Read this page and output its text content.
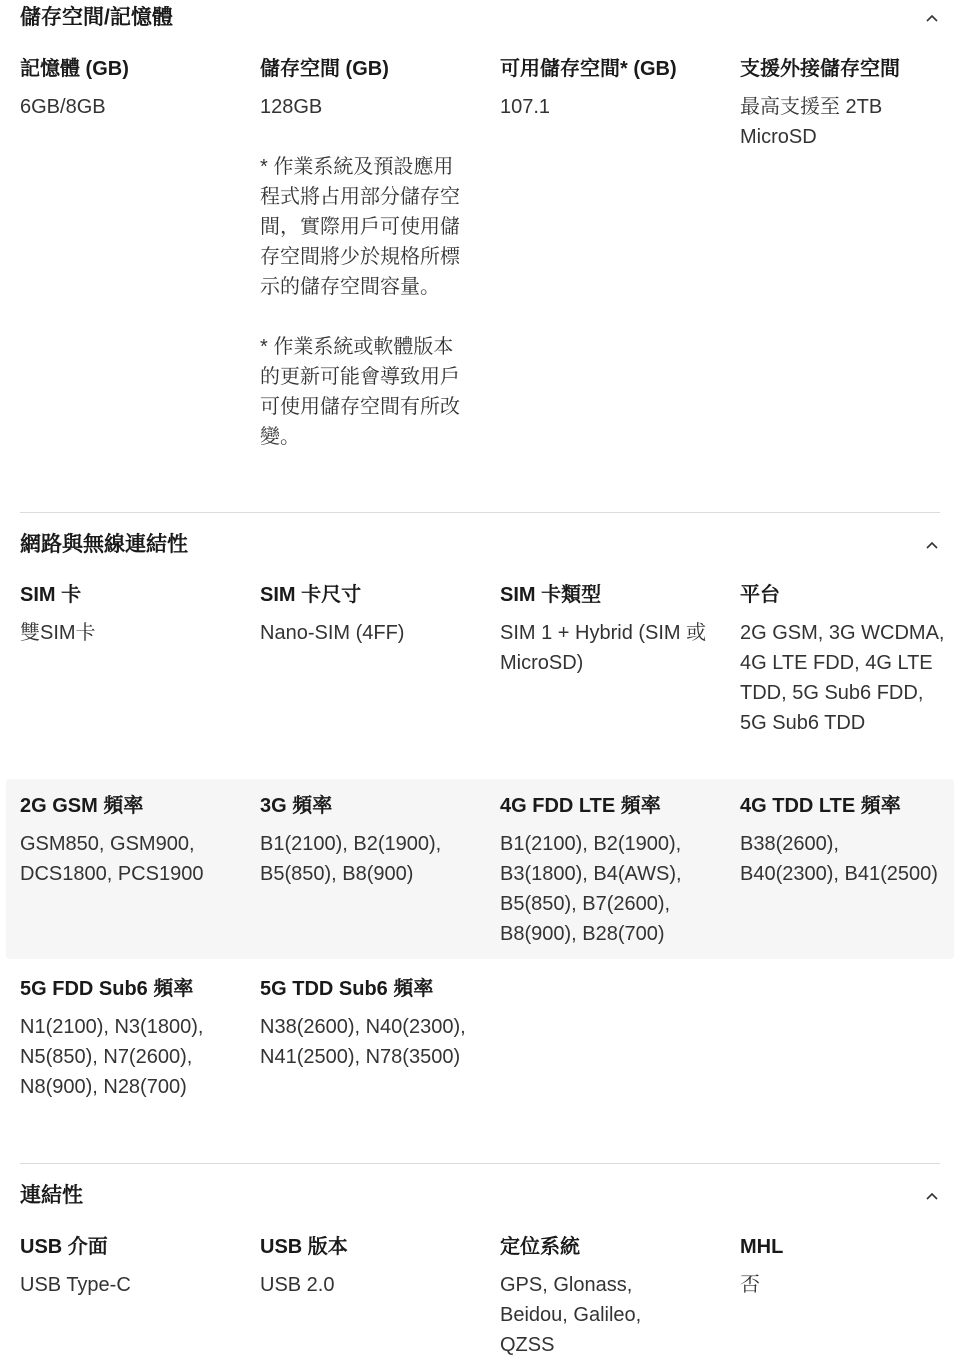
儲存空間/記憶體
記憶體 (GB)
6GB/8GB
儲存空間 (GB)
128GB
* 作業系統及預設應用程式將占用部分儲存空間，實際用戶可使用儲存空間將少於規格所標示的儲存空間容量。
* 作業系統或軟體版本的更新可能會導致用戶可使用儲存空間有所改變。
可用儲存空間* (GB)
107.1
支援外接儲存空間
最高支援至 2TB MicroSD
網路與無線連結性
SIM 卡
雙SIM卡
SIM 卡尺寸
Nano-SIM (4FF)
SIM 卡類型
SIM 1 + Hybrid (SIM 或 MicroSD)
平台
2G GSM, 3G WCDMA, 4G LTE FDD, 4G LTE TDD, 5G Sub6 FDD, 5G Sub6 TDD
2G GSM 頻率
GSM850, GSM900, DCS1800, PCS1900
3G 頻率
B1(2100), B2(1900), B5(850), B8(900)
4G FDD LTE 頻率
B1(2100), B2(1900), B3(1800), B4(AWS), B5(850), B7(2600), B8(900), B28(700)
4G TDD LTE 頻率
B38(2600), B40(2300), B41(2500)
5G FDD Sub6 頻率
N1(2100), N3(1800), N5(850), N7(2600), N8(900), N28(700)
5G TDD Sub6 頻率
N38(2600), N40(2300), N41(2500), N78(3500)
連結性
USB 介面
USB Type-C
USB 版本
USB 2.0
定位系統
GPS, Glonass, Beidou, Galileo, QZSS
MHL
否
